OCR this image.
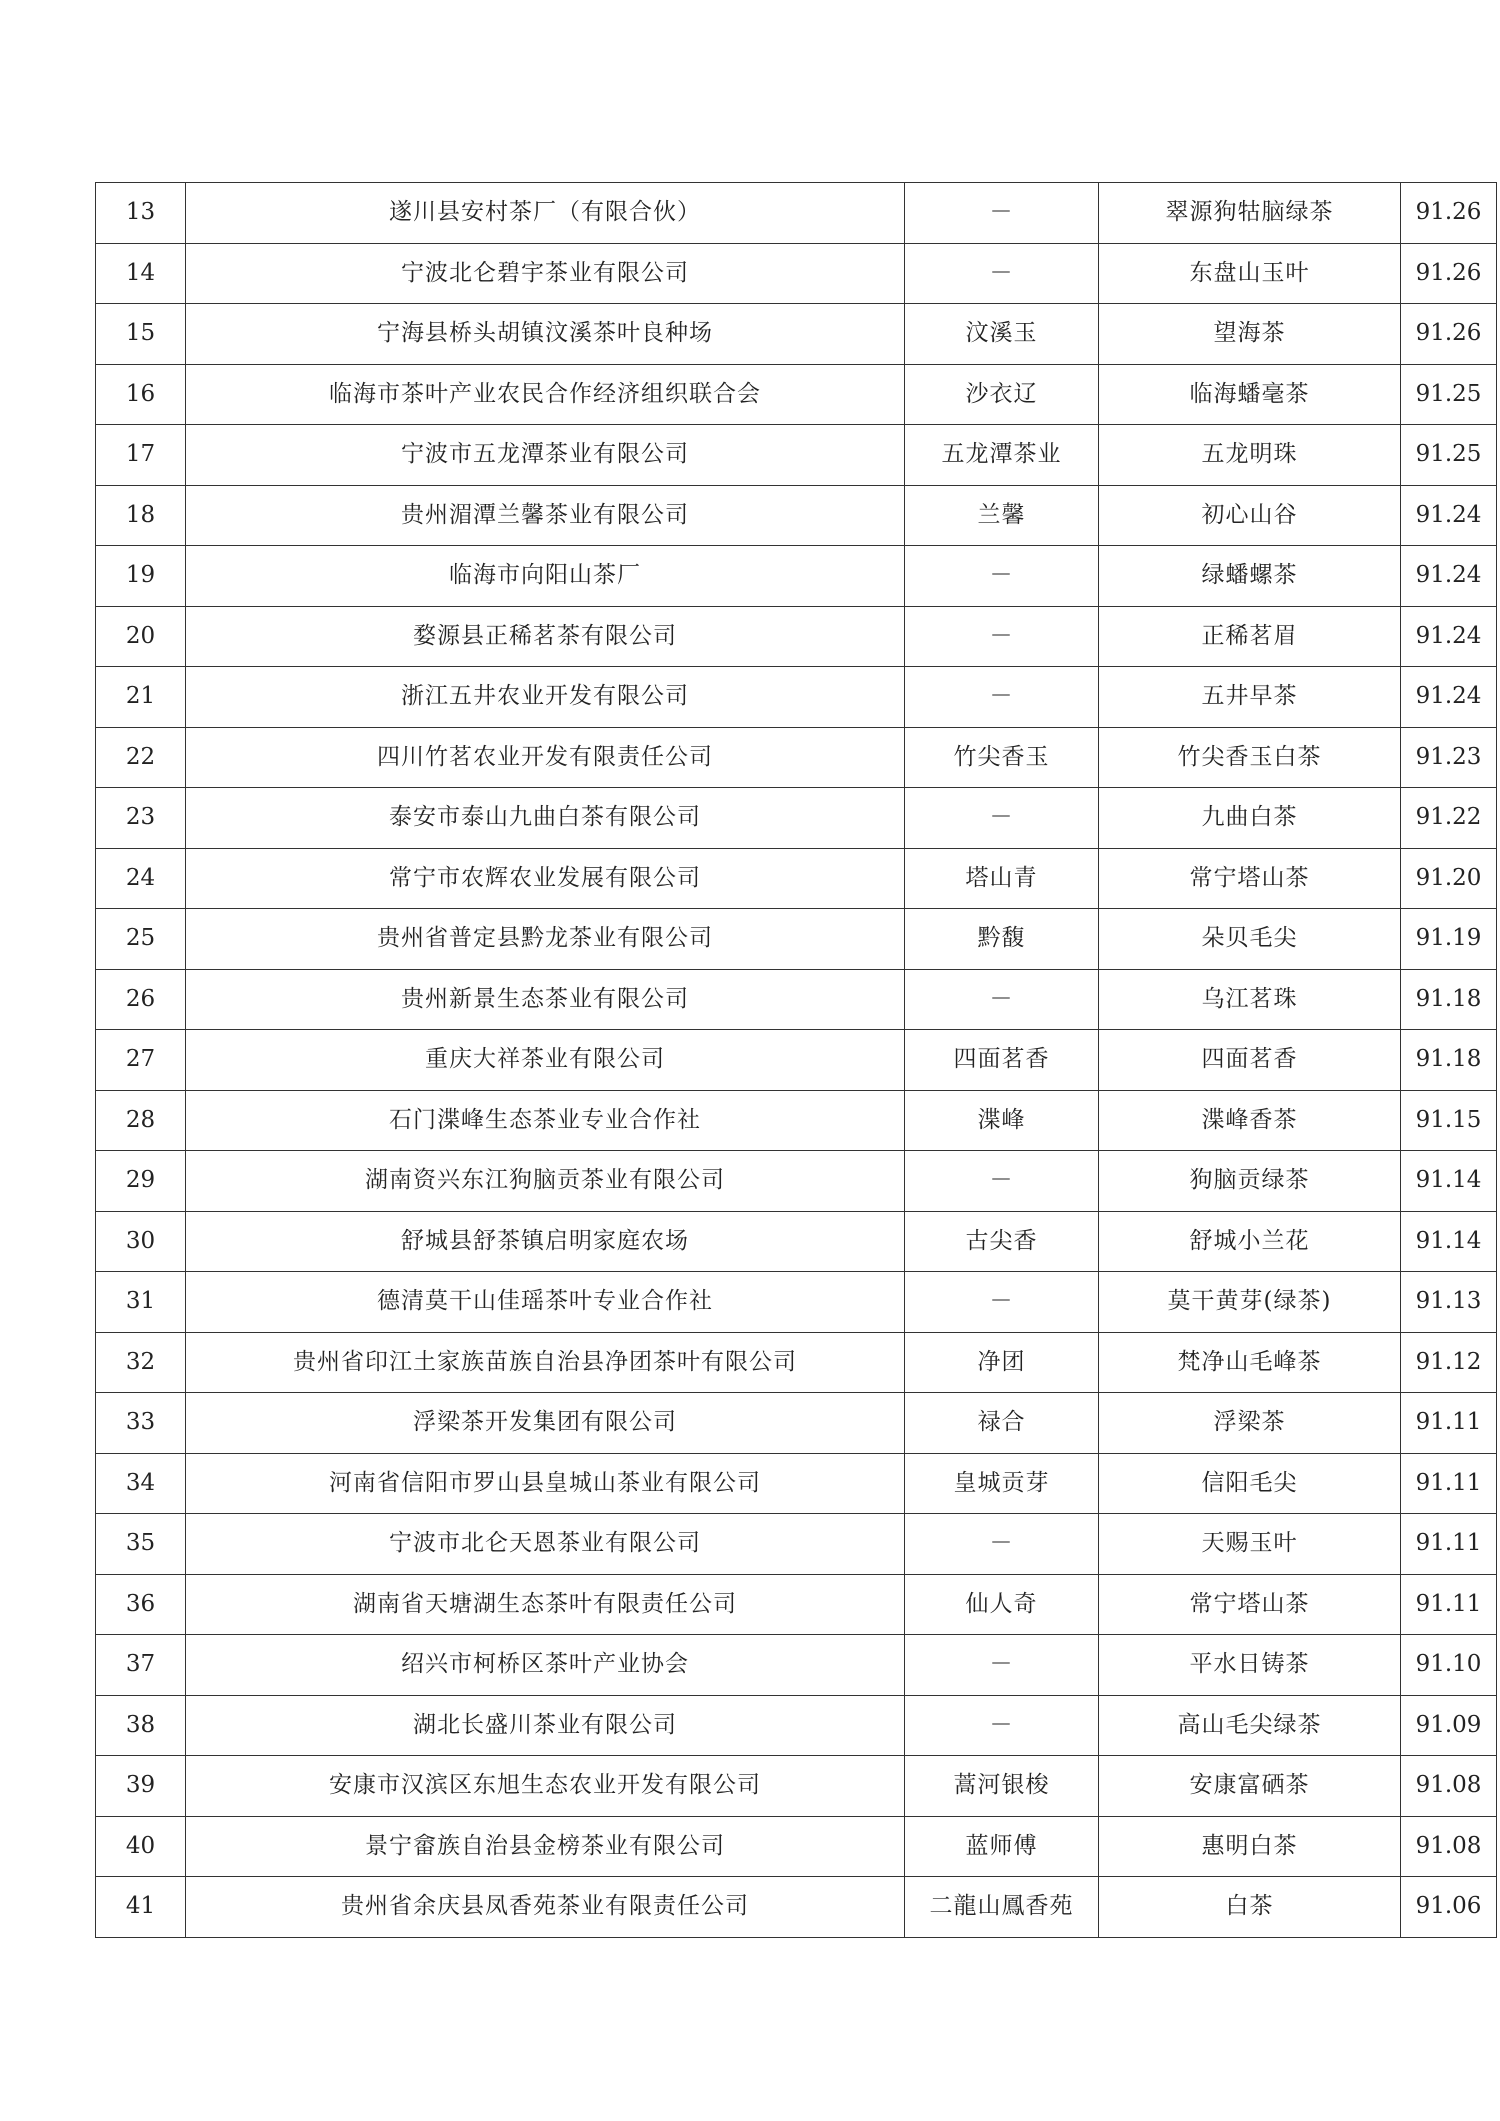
13	遂川县安村茶厂（有限合伙）	－	翠源狗牯脑绿茶	91.26
14	宁波北仑碧宇茶业有限公司	－	东盘山玉叶	91.26
15	宁海县桥头胡镇汶溪茶叶良种场	汶溪玉	望海茶	91.26
16	临海市茶叶产业农民合作经济组织联合会	沙衣辽	临海蟠毫茶	91.25
17	宁波市五龙潭茶业有限公司	五龙潭茶业	五龙明珠	91.25
18	贵州湄潭兰馨茶业有限公司	兰馨	初心山谷	91.24
19	临海市向阳山茶厂	－	绿蟠螺茶	91.24
20	婺源县正稀茗茶有限公司	－	正稀茗眉	91.24
21	浙江五井农业开发有限公司	－	五井早茶	91.24
22	四川竹茗农业开发有限责任公司	竹尖香玉	竹尖香玉白茶	91.23
23	泰安市泰山九曲白茶有限公司	－	九曲白茶	91.22
24	常宁市农辉农业发展有限公司	塔山青	常宁塔山茶	91.20
25	贵州省普定县黔龙茶业有限公司	黔馥	朵贝毛尖	91.19
26	贵州新景生态茶业有限公司	－	乌江茗珠	91.18
27	重庆大祥茶业有限公司	四面茗香	四面茗香	91.18
28	石门渫峰生态茶业专业合作社	渫峰	渫峰香茶	91.15
29	湖南资兴东江狗脑贡茶业有限公司	－	狗脑贡绿茶	91.14
30	舒城县舒茶镇启明家庭农场	古尖香	舒城小兰花	91.14
31	德清莫干山佳瑶茶叶专业合作社	－	莫干黄芽(绿茶)	91.13
32	贵州省印江土家族苗族自治县净团茶叶有限公司	净团	梵净山毛峰茶	91.12
33	浮梁茶开发集团有限公司	禄合	浮梁茶	91.11
34	河南省信阳市罗山县皇城山茶业有限公司	皇城贡芽	信阳毛尖	91.11
35	宁波市北仑天恩茶业有限公司	－	天赐玉叶	91.11
36	湖南省天塘湖生态茶叶有限责任公司	仙人奇	常宁塔山茶	91.11
37	绍兴市柯桥区茶叶产业协会	－	平水日铸茶	91.10
38	湖北长盛川茶业有限公司	－	高山毛尖绿茶	91.09
39	安康市汉滨区东旭生态农业开发有限公司	蒿河银梭	安康富硒茶	91.08
40	景宁畲族自治县金榜茶业有限公司	蓝师傅	惠明白茶	91.08
41	贵州省余庆县凤香苑茶业有限责任公司	二龍山鳳香苑	白茶	91.06
